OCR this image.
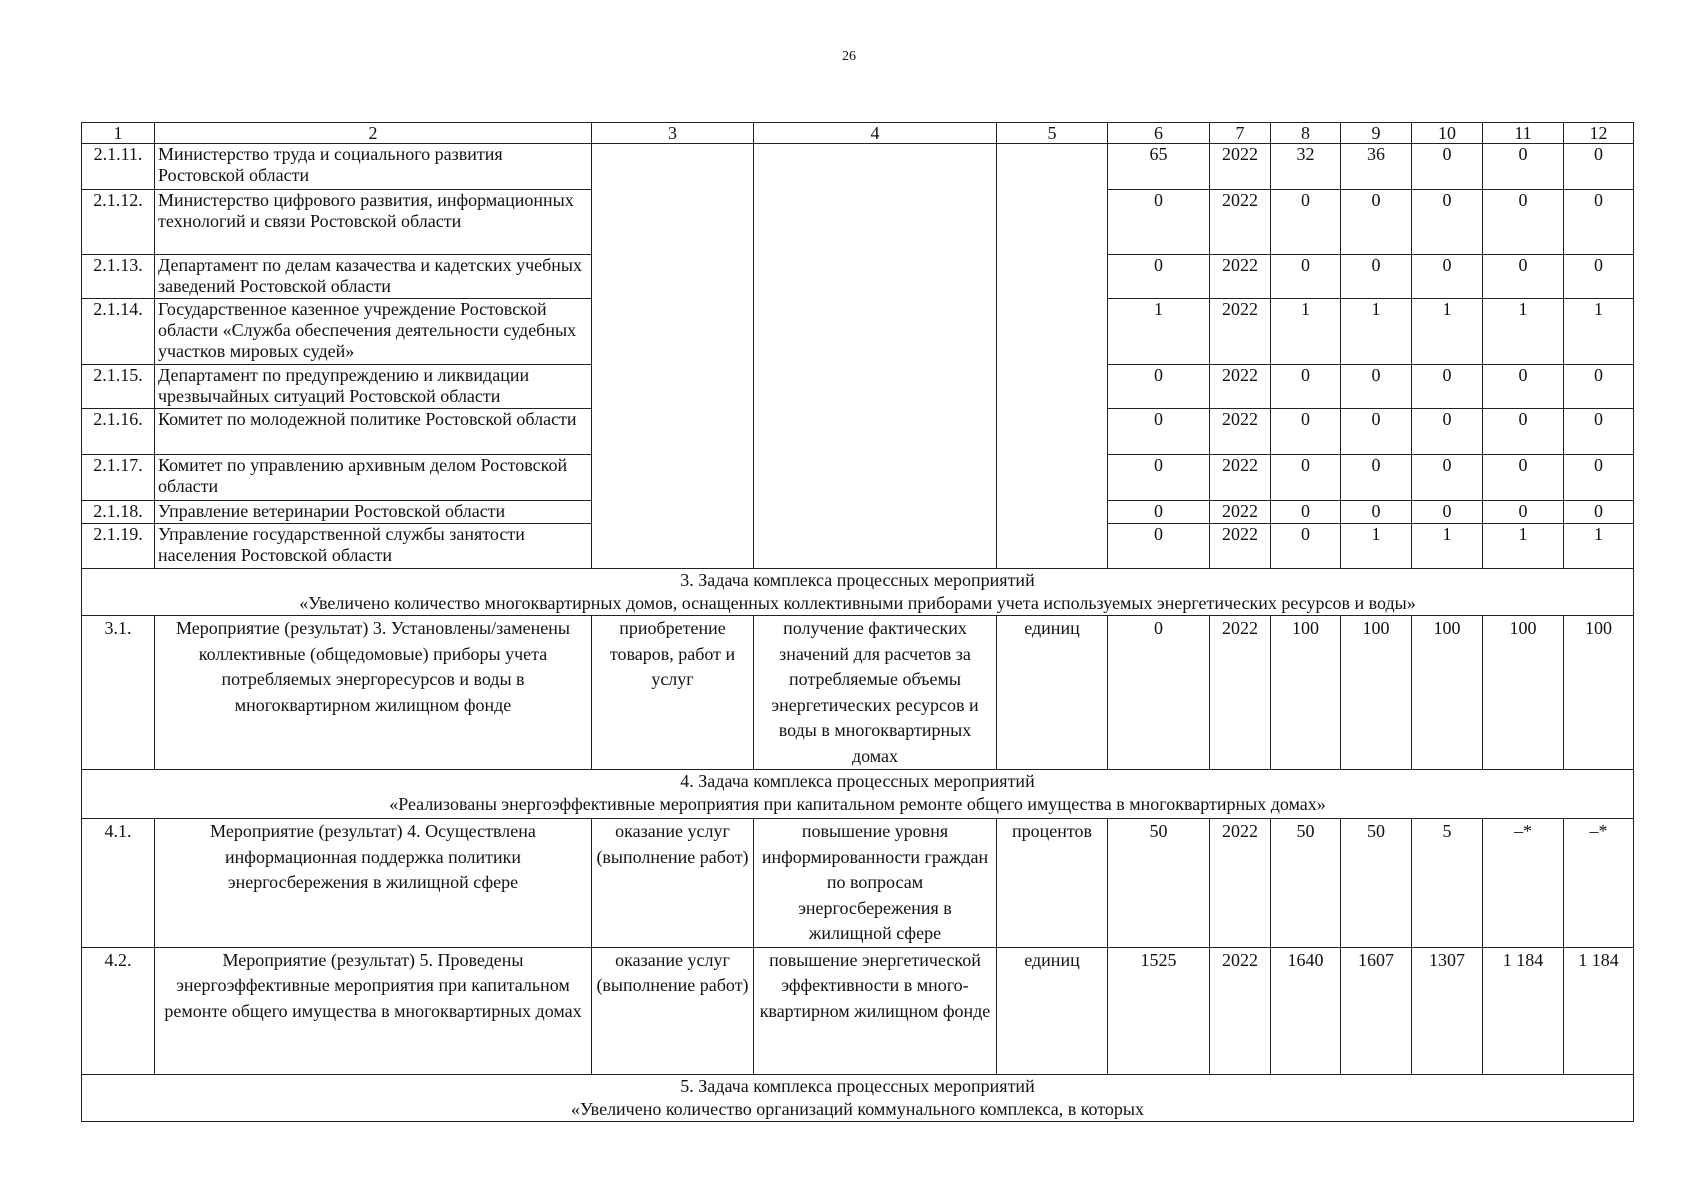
26
1	2	3	4	5	6	7	8	9	10	11	12
2.1.11.	Министерство труда и социального развития Ростовской области				65	2022	32	36	0	0	0
2.1.12.	Министерство цифрового развития, информационных технологий и связи Ростовской области				0	2022	0	0	0	0	0
2.1.13.	Департамент по делам казачества и кадетских учебных заведений Ростовской области				0	2022	0	0	0	0	0
2.1.14.	Государственное казенное учреждение Ростовской области «Служба обеспечения деятельности судебных участков мировых судей»				1	2022	1	1	1	1	1
2.1.15.	Департамент по предупреждению и ликвидации чрезвычайных ситуаций Ростовской области				0	2022	0	0	0	0	0
2.1.16.	Комитет по молодежной политике Ростовской области				0	2022	0	0	0	0	0
2.1.17.	Комитет по управлению архивным делом Ростовской области				0	2022	0	0	0	0	0
2.1.18.	Управление ветеринарии Ростовской области				0	2022	0	0	0	0	0
2.1.19.	Управление государственной службы занятости населения Ростовской области				0	2022	0	1	1	1	1

3. Задача комплекса процессных мероприятий
«Увеличено количество многоквартирных домов, оснащенных коллективными приборами учета используемых энергетических ресурсов и воды»											

3.1.	Мероприятие (результат) 3. Установлены/заменены коллективные (общедомовые) приборы учета потребляемых энергоресурсов и воды в многоквартирном жилищном фонде	приобретение товаров, работ и услуг	получение фактических значений для расчетов за потребляемые объемы энергетических ресурсов и воды в многоквартирных домах	единиц	0	2022	100	100	100	100	100

4. Задача комплекса процессных мероприятий
«Реализованы энергоэффективные мероприятия при капитальном ремонте общего имущества в многоквартирных домах»											

4.1.	Мероприятие (результат) 4. Осуществлена информационная поддержка политики энергосбережения в жилищной сфере	оказание услуг (выполнение работ)	повышение уровня информированности граждан по вопросам энергосбережения в жилищной сфере	процентов	50	2022	50	50	5	–*	–*
4.2.	Мероприятие (результат) 5. Проведены энергоэффективные мероприятия при капитальном ремонте общего имущества в многоквартирных домах	оказание услуг (выполнение работ)	повышение энергетической эффективности в много-квартирном жилищном фонде	единиц	1525	2022	1640	1607	1307	1 184	1 184

5. Задача комплекса процессных мероприятий
«Увеличено количество организаций коммунального комплекса, в которых											
